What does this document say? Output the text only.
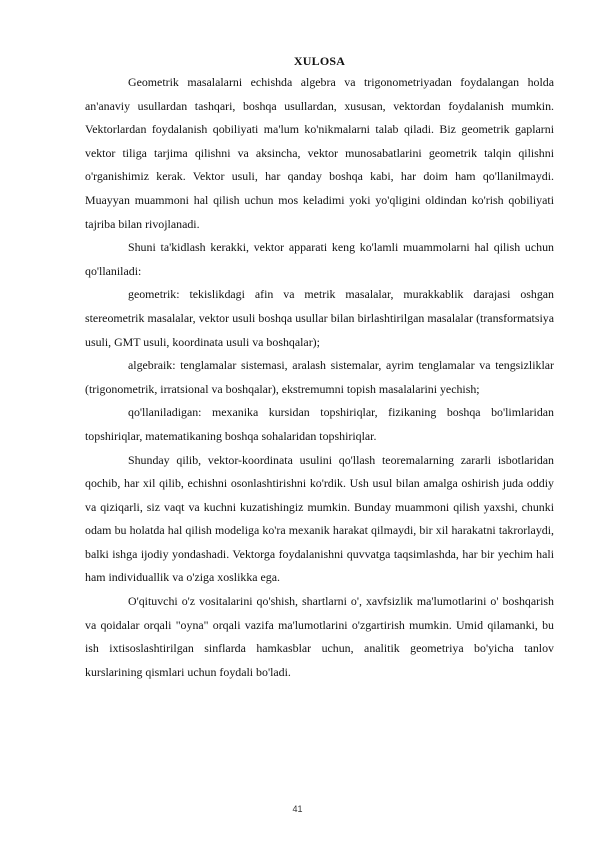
XULOSA

Geometrik masalalarni echishda algebra va trigonometriyadan foydalangan holda an'anaviy usullardan tashqari, boshqa usullardan, xususan, vektordan foydalanish mumkin. Vektorlardan foydalanish qobiliyati ma'lum ko'nikmalarni talab qiladi. Biz geometrik gaplarni vektor tiliga tarjima qilishni va aksincha, vektor munosabatlarini geometrik talqin qilishni o'rganishimiz kerak. Vektor usuli, har qanday boshqa kabi, har doim ham qo'llanilmaydi. Muayyan muammoni hal qilish uchun mos keladimi yoki yo'qligini oldindan ko'rish qobiliyati tajriba bilan rivojlanadi.

Shuni ta'kidlash kerakki, vektor apparati keng ko'lamli muammolarni hal qilish uchun qo'llaniladi:

geometrik: tekislikdagi afin va metrik masalalar, murakkablik darajasi oshgan stereometrik masalalar, vektor usuli boshqa usullar bilan birlashtirilgan masalalar (transformatsiya usuli, GMT usuli, koordinata usuli va boshqalar);

algebraik: tenglamalar sistemasi, aralash sistemalar, ayrim tenglamalar va tengsizliklar (trigonometrik, irratsional va boshqalar), ekstremumni topish masalalarini yechish;

qo'llaniladigan: mexanika kursidan topshiriqlar, fizikaning boshqa bo'limlaridan topshiriqlar, matematikaning boshqa sohalaridan topshiriqlar.

Shunday qilib, vektor-koordinata usulini qo'llash teoremalarning zararli isbotlaridan qochib, har xil qilib, echishni osonlashtirishni ko'rdik. Ush usul bilan amalga oshirish juda oddiy va qiziqarli, siz vaqt va kuchni kuzatishingiz mumkin. Bunday muammoni qilish yaxshi, chunki odam bu holatda hal qilish modeliga ko'ra mexanik harakat qilmaydi, bir xil harakatni takrorlaydi, balki ishga ijodiy yondashadi. Vektorga foydalanishni quvvatga taqsimlashda, har bir yechim hali ham individuallik va o'ziga xoslikka ega.

O'qituvchi o'z vositalarini qo'shish, shartlarni o', xavfsizlik ma'lumotlarini o' boshqarish va qoidalar orqali "oyna" orqali vazifa ma'lumotlarini o'zgartirish mumkin. Umid qilamanki, bu ish ixtisoslashtirilgan sinflarda hamkasblar uchun, analitik geometriya bo'yicha tanlov kurslarining qismlari uchun foydali bo'ladi.

41
